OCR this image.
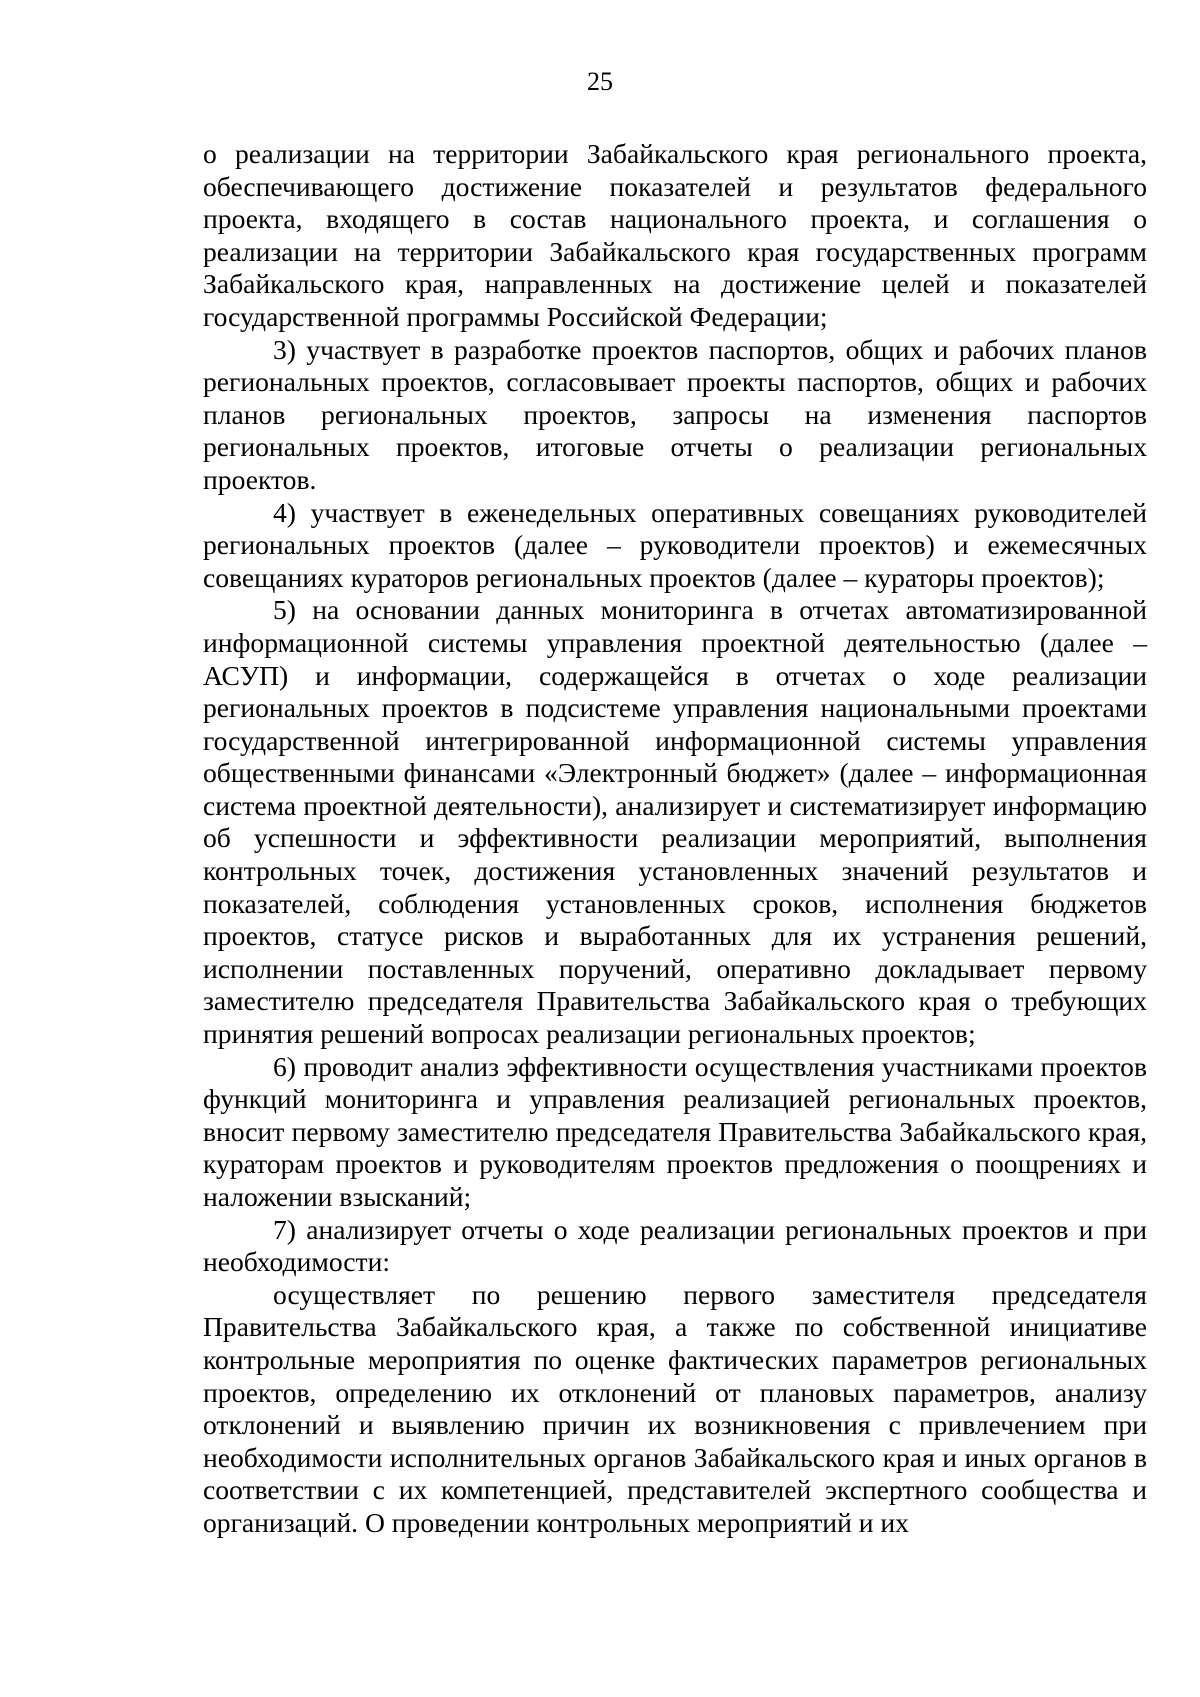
25

о реализации на территории Забайкальского края регионального проекта, обеспечивающего достижение показателей и результатов федерального проекта, входящего в состав национального проекта, и соглашения о реализации на территории Забайкальского края государственных программ Забайкальского края, направленных на достижение целей и показателей государственной программы Российской Федерации;

3) участвует в разработке проектов паспортов, общих и рабочих планов региональных проектов, согласовывает проекты паспортов, общих и рабочих планов региональных проектов, запросы на изменения паспортов региональных проектов, итоговые отчеты о реализации региональных проектов.

4) участвует в еженедельных оперативных совещаниях руководителей региональных проектов (далее – руководители проектов) и ежемесячных совещаниях кураторов региональных проектов (далее – кураторы проектов);

5) на основании данных мониторинга в отчетах автоматизированной информационной системы управления проектной деятельностью (далее – АСУП) и информации, содержащейся в отчетах о ходе реализации региональных проектов в подсистеме управления национальными проектами государственной интегрированной информационной системы управления общественными финансами «Электронный бюджет» (далее – информационная система проектной деятельности), анализирует и систематизирует информацию об успешности и эффективности реализации мероприятий, выполнения контрольных точек, достижения установленных значений результатов и показателей, соблюдения установленных сроков, исполнения бюджетов проектов, статусе рисков и выработанных для их устранения решений, исполнении поставленных поручений, оперативно докладывает первому заместителю председателя Правительства Забайкальского края о требующих принятия решений вопросах реализации региональных проектов;

6) проводит анализ эффективности осуществления участниками проектов функций мониторинга и управления реализацией региональных проектов, вносит первому заместителю председателя Правительства Забайкальского края, кураторам проектов и руководителям проектов предложения о поощрениях и наложении взысканий;

7) анализирует отчеты о ходе реализации региональных проектов и при необходимости:

осуществляет по решению первого заместителя председателя Правительства Забайкальского края, а также по собственной инициативе контрольные мероприятия по оценке фактических параметров региональных проектов, определению их отклонений от плановых параметров, анализу отклонений и выявлению причин их возникновения с привлечением при необходимости исполнительных органов Забайкальского края и иных органов в соответствии с их компетенцией, представителей экспертного сообщества и организаций. О проведении контрольных мероприятий и их
